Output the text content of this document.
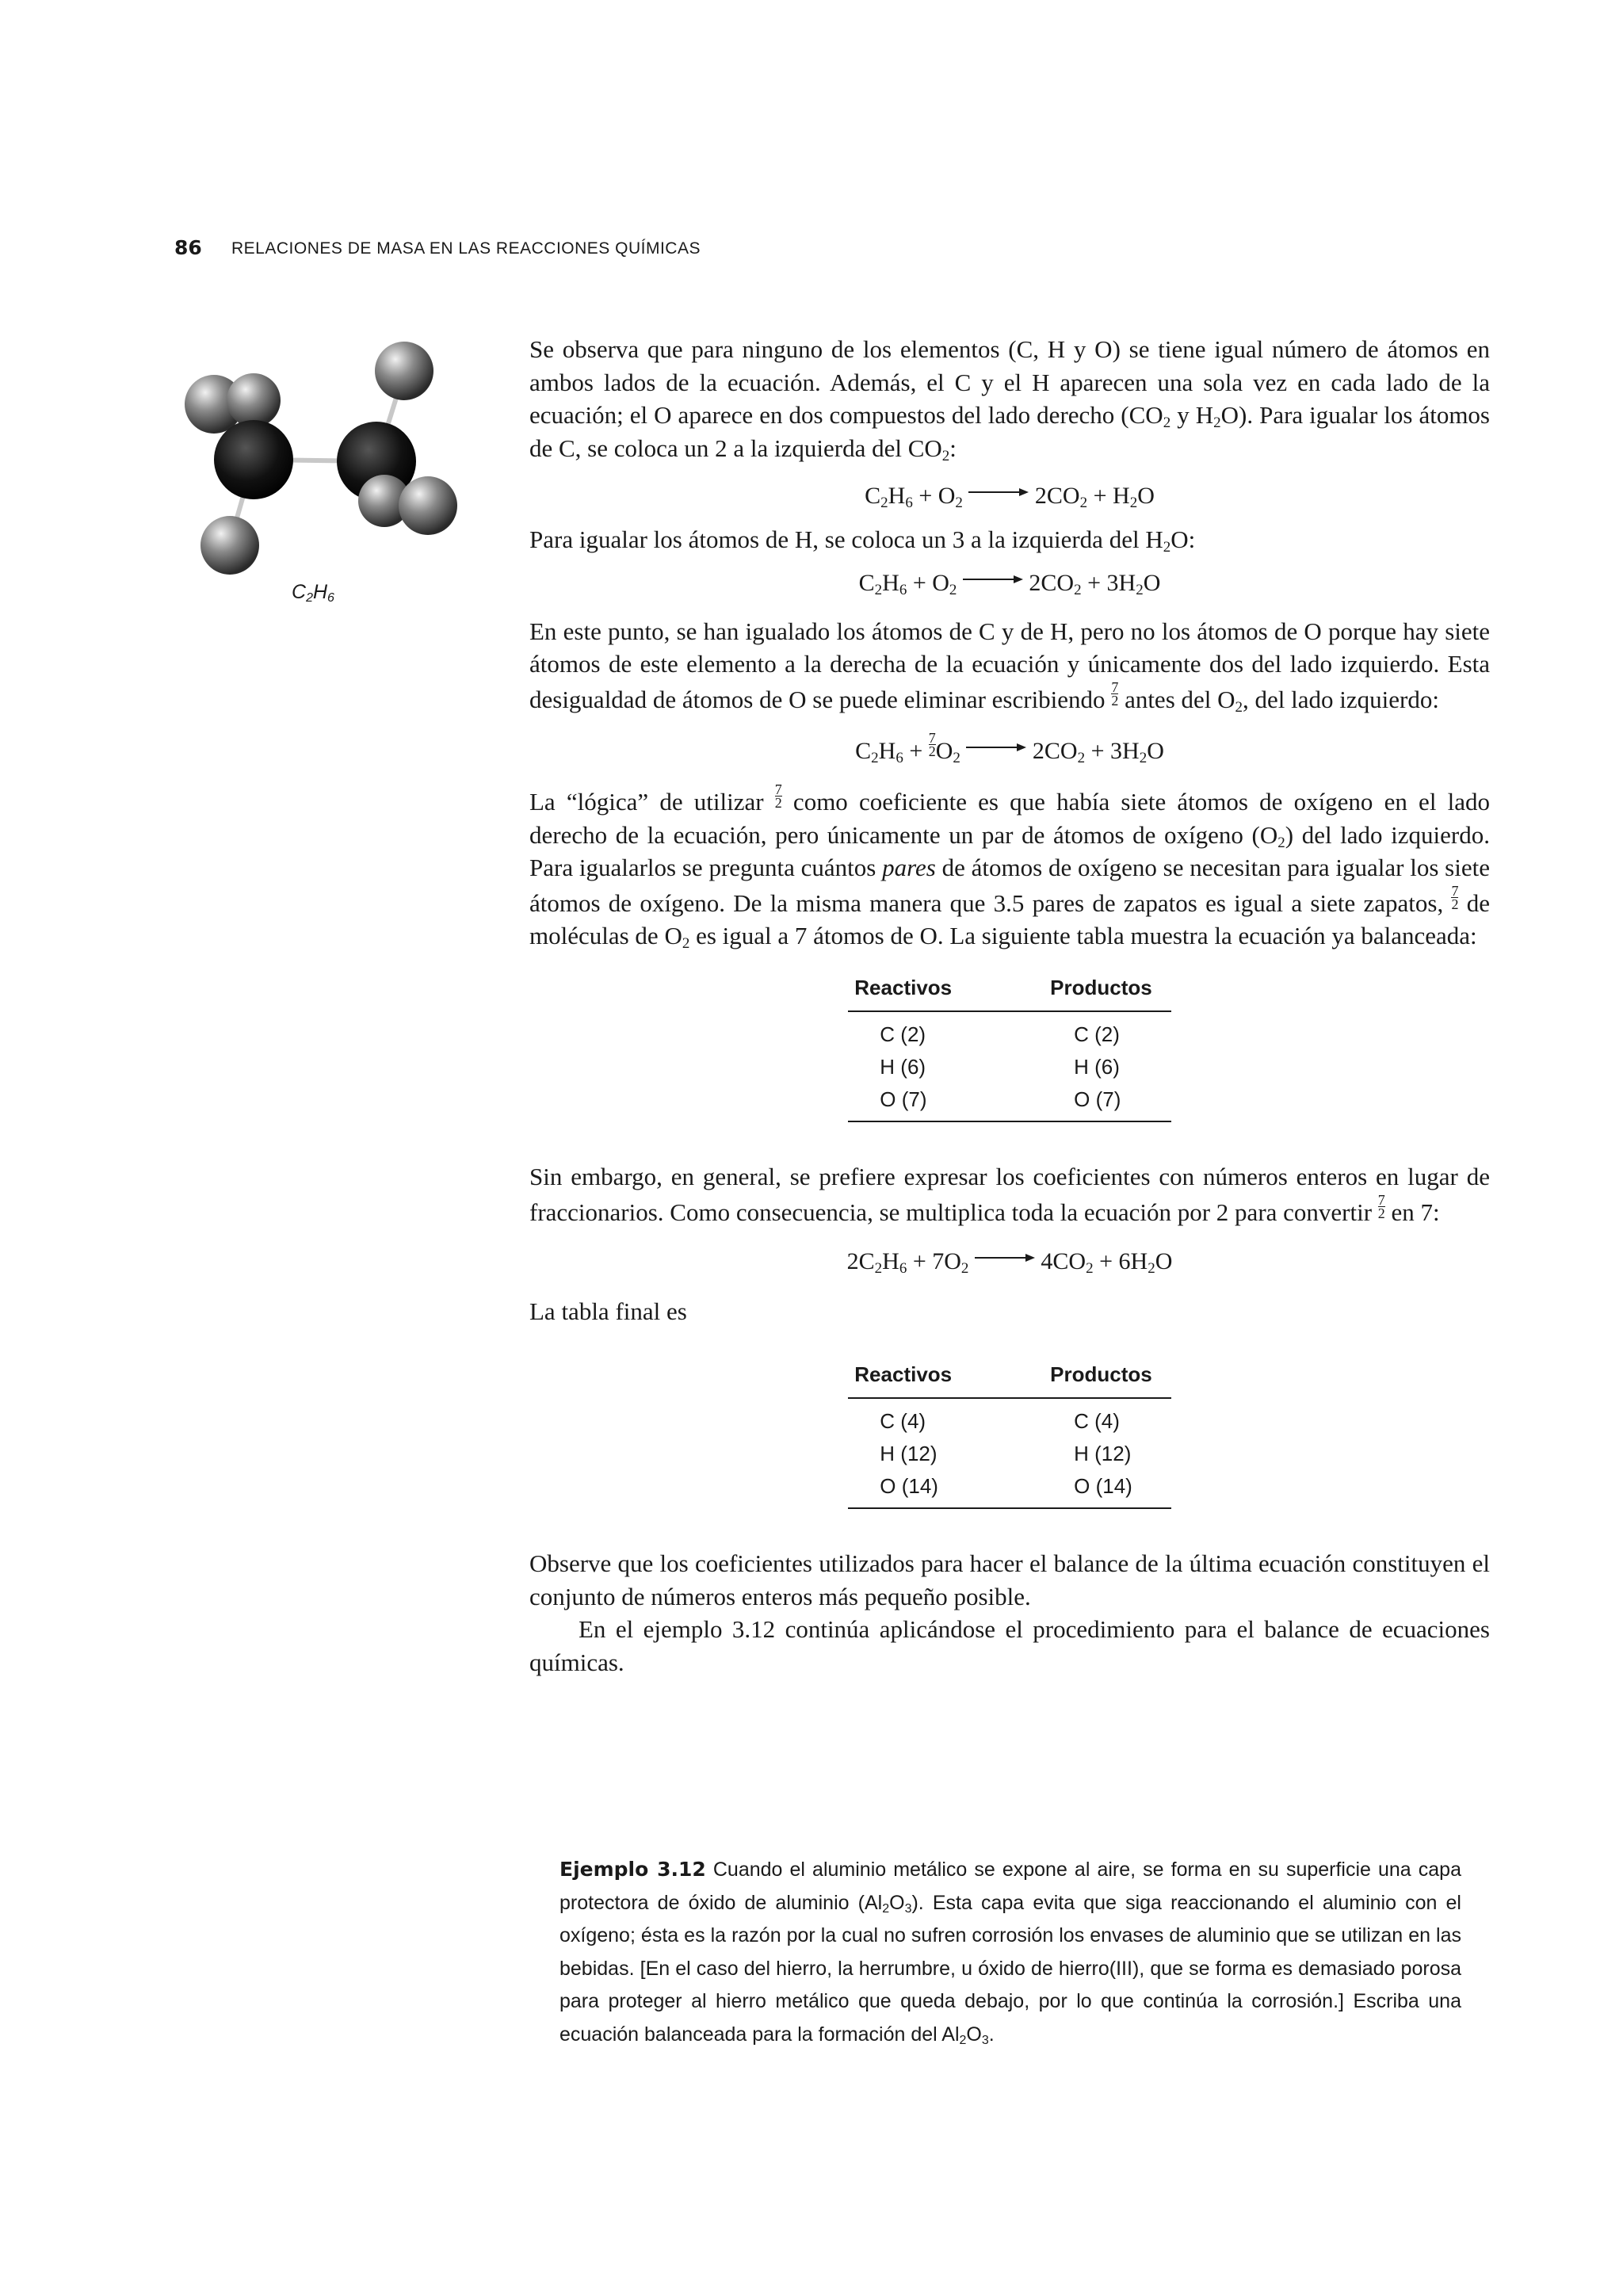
86 RELACIONES DE MASA EN LAS REACCIONES QUÍMICAS
$C_2H_6$

Se observa que para ninguno de los elementos (C, H y O) se tiene igual número de átomos en ambos lados de la ecuación. Además, el C y el H aparecen una sola vez en cada lado de la ecuación; el O aparece en dos compuestos del lado derecho ($CO_2$ y $H_2O$). Para igualar los átomos de C, se coloca un 2 a la izquierda del $CO_2$:

$C_2H_6 + O_2 \to 2CO_2 + H_2O$

Para igualar los átomos de H, se coloca un 3 a la izquierda del $H_2O$:

$C_2H_6 + O_2 \to 2CO_2 + 3H_2O$

En este punto, se han igualado los átomos de C y de H, pero no los átomos de O porque hay siete átomos de este elemento a la derecha de la ecuación y únicamente dos del lado izquierdo. Esta desigualdad de átomos de O se puede eliminar escribiendo $\frac{7}{2}$ antes del $O_2$, del lado izquierdo:

$C_2H_6 + \frac{7}{2} O_2 \to 2CO_2 + 3H_2O$

La “lógica” de utilizar $\frac{7}{2}$ como coeficiente es que había siete átomos de oxígeno en el lado derecho de la ecuación, pero únicamente un par de átomos de oxígeno $(O_2)$ del lado izquierdo. Para igualarlos se pregunta cuántos pares de átomos de oxígeno se necesitan para igualar los siete átomos de oxígeno. De la misma manera que 3.5 pares de zapatos es igual a siete zapatos, $\frac{7}{2}$ de moléculas de $O_2$ es igual a 7 átomos de O. La siguiente tabla muestra la ecuación ya balanceada:

Reactivos	Productos
C (2)	C (2)
H (6)	H (6)
O (7)	O (7)

Sin embargo, en general, se prefiere expresar los coeficientes con números enteros en lugar de fraccionarios. Como consecuencia, se multiplica toda la ecuación por 2 para convertir $\frac{7}{2}$ en 7:

$2C_2H_6 + 7O_2 \to 4CO_2 + 6H_2O$

La tabla final es

Reactivos	Productos
C (4)	C (4)
H (12)	H (12)
O (14)	O (14)

Observe que los coeficientes utilizados para hacer el balance de la última ecuación constituyen el conjunto de números enteros más pequeño posible.

En el ejemplo 3.12 continúa aplicándose el procedimiento para el balance de ecuaciones químicas.

Ejemplo 3.12 Cuando el aluminio metálico se expone al aire, se forma en su superficie una capa protectora de óxido de aluminio $(Al_2O_3)$. Esta capa evita que siga reaccionando el aluminio con el oxígeno; ésta es la razón por la cual no sufren corrosión los envases de aluminio que se utilizan en las bebidas. [En el caso del hierro, la herrumbre, u óxido de hierro(III), que se forma es demasiado porosa para proteger al hierro metálico que queda debajo, por lo que continúa la corrosión.] Escriba una ecuación balanceada para la formación del $Al_2O_3$.
